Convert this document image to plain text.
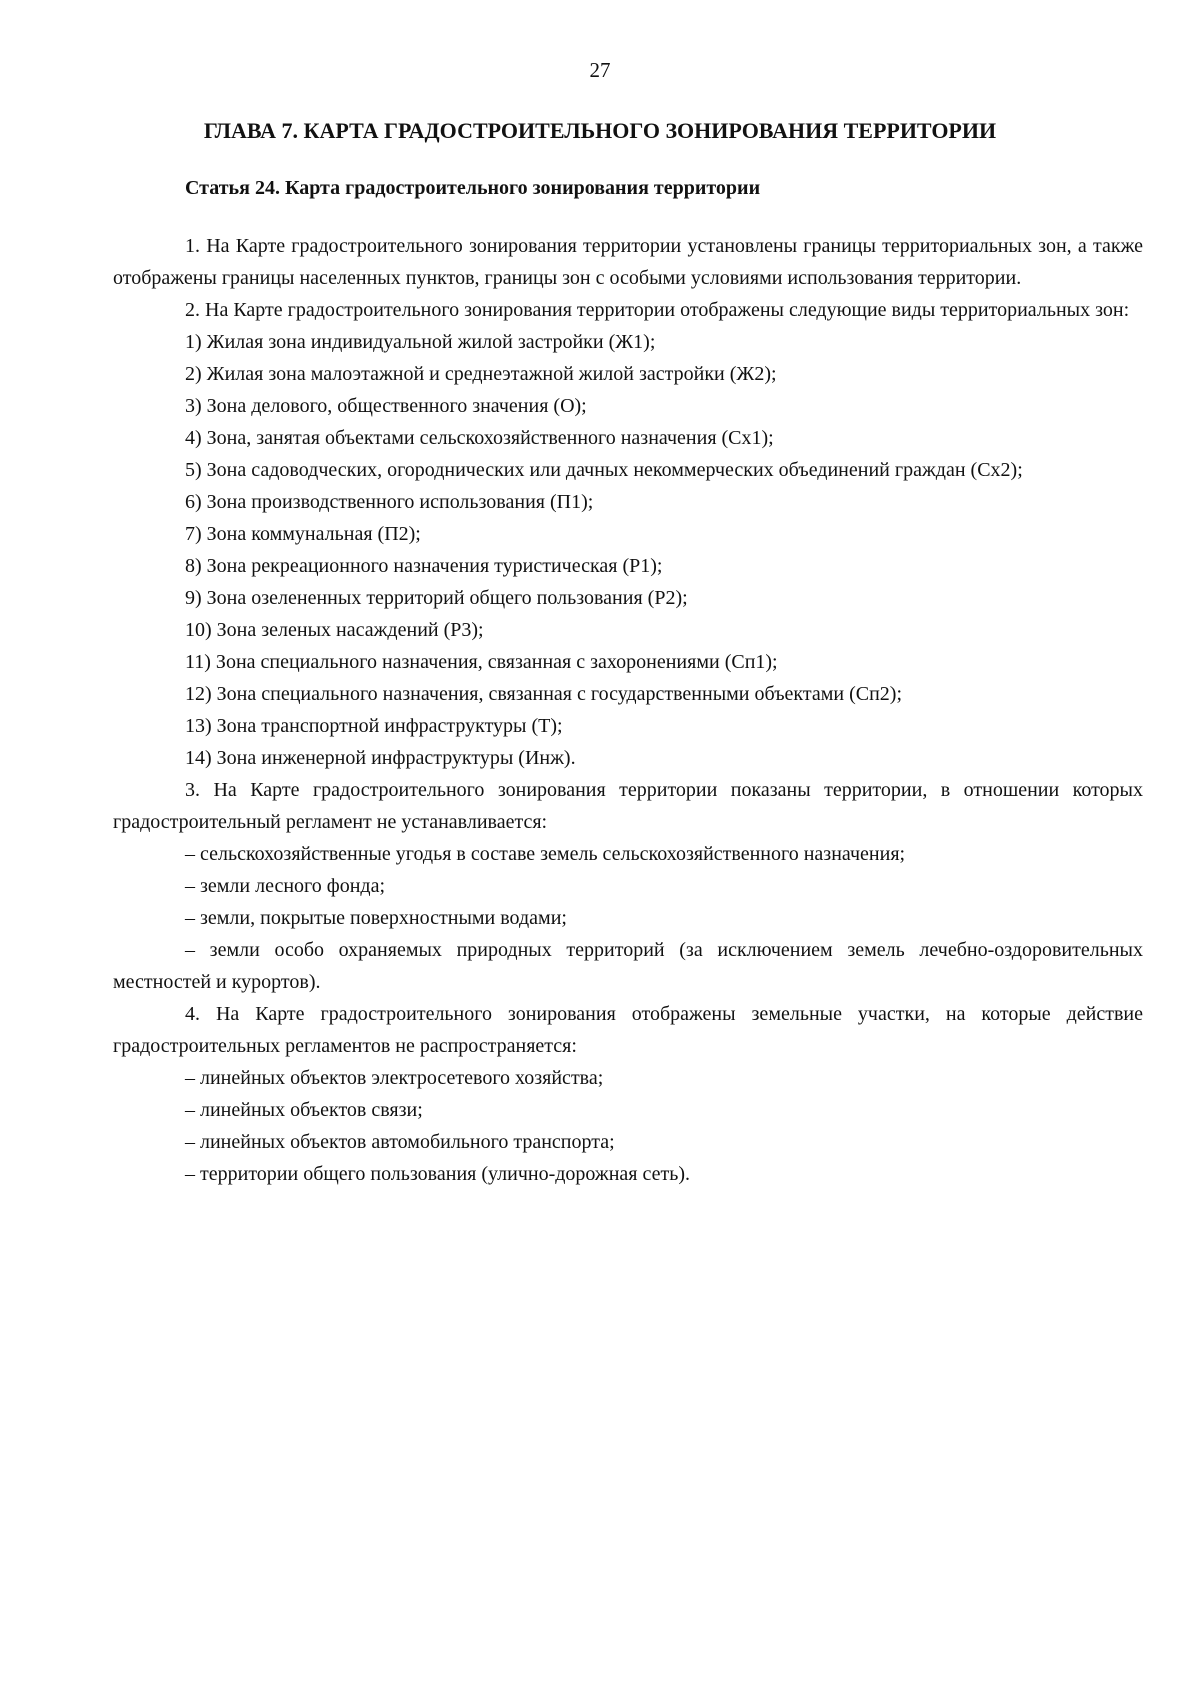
27
ГЛАВА 7. КАРТА ГРАДОСТРОИТЕЛЬНОГО ЗОНИРОВАНИЯ ТЕРРИТОРИИ
Статья 24. Карта градостроительного зонирования территории

1. На Карте градостроительного зонирования территории установлены границы территориальных зон, а также отображены границы населенных пунктов, границы зон с особыми условиями использования территории.

2. На Карте градостроительного зонирования территории отображены следующие виды территориальных зон:

1) Жилая зона индивидуальной жилой застройки (Ж1);

2) Жилая зона малоэтажной и среднеэтажной жилой застройки (Ж2);

3) Зона делового, общественного значения (О);

4) Зона, занятая объектами сельскохозяйственного назначения (Сх1);

5) Зона садоводческих, огороднических или дачных некоммерческих объединений граждан (Сх2);

6) Зона производственного использования (П1);

7) Зона коммунальная (П2);

8) Зона рекреационного назначения туристическая (Р1);

9) Зона озелененных территорий общего пользования (Р2);

10) Зона зеленых насаждений (Р3);

11) Зона специального назначения, связанная с захоронениями (Сп1);

12) Зона специального назначения, связанная с государственными объектами (Сп2);

13) Зона транспортной инфраструктуры (Т);

14) Зона инженерной инфраструктуры (Инж).

3. На Карте градостроительного зонирования территории показаны территории, в отношении которых градостроительный регламент не устанавливается:

– сельскохозяйственные угодья в составе земель сельскохозяйственного назначения;

– земли лесного фонда;

– земли, покрытые поверхностными водами;

– земли особо охраняемых природных территорий (за исключением земель лечебно-оздоровительных местностей и курортов).

4. На Карте градостроительного зонирования отображены земельные участки, на которые действие градостроительных регламентов не распространяется:

– линейных объектов электросетевого хозяйства;

– линейных объектов связи;

– линейных объектов автомобильного транспорта;

– территории общего пользования (улично-дорожная сеть).
